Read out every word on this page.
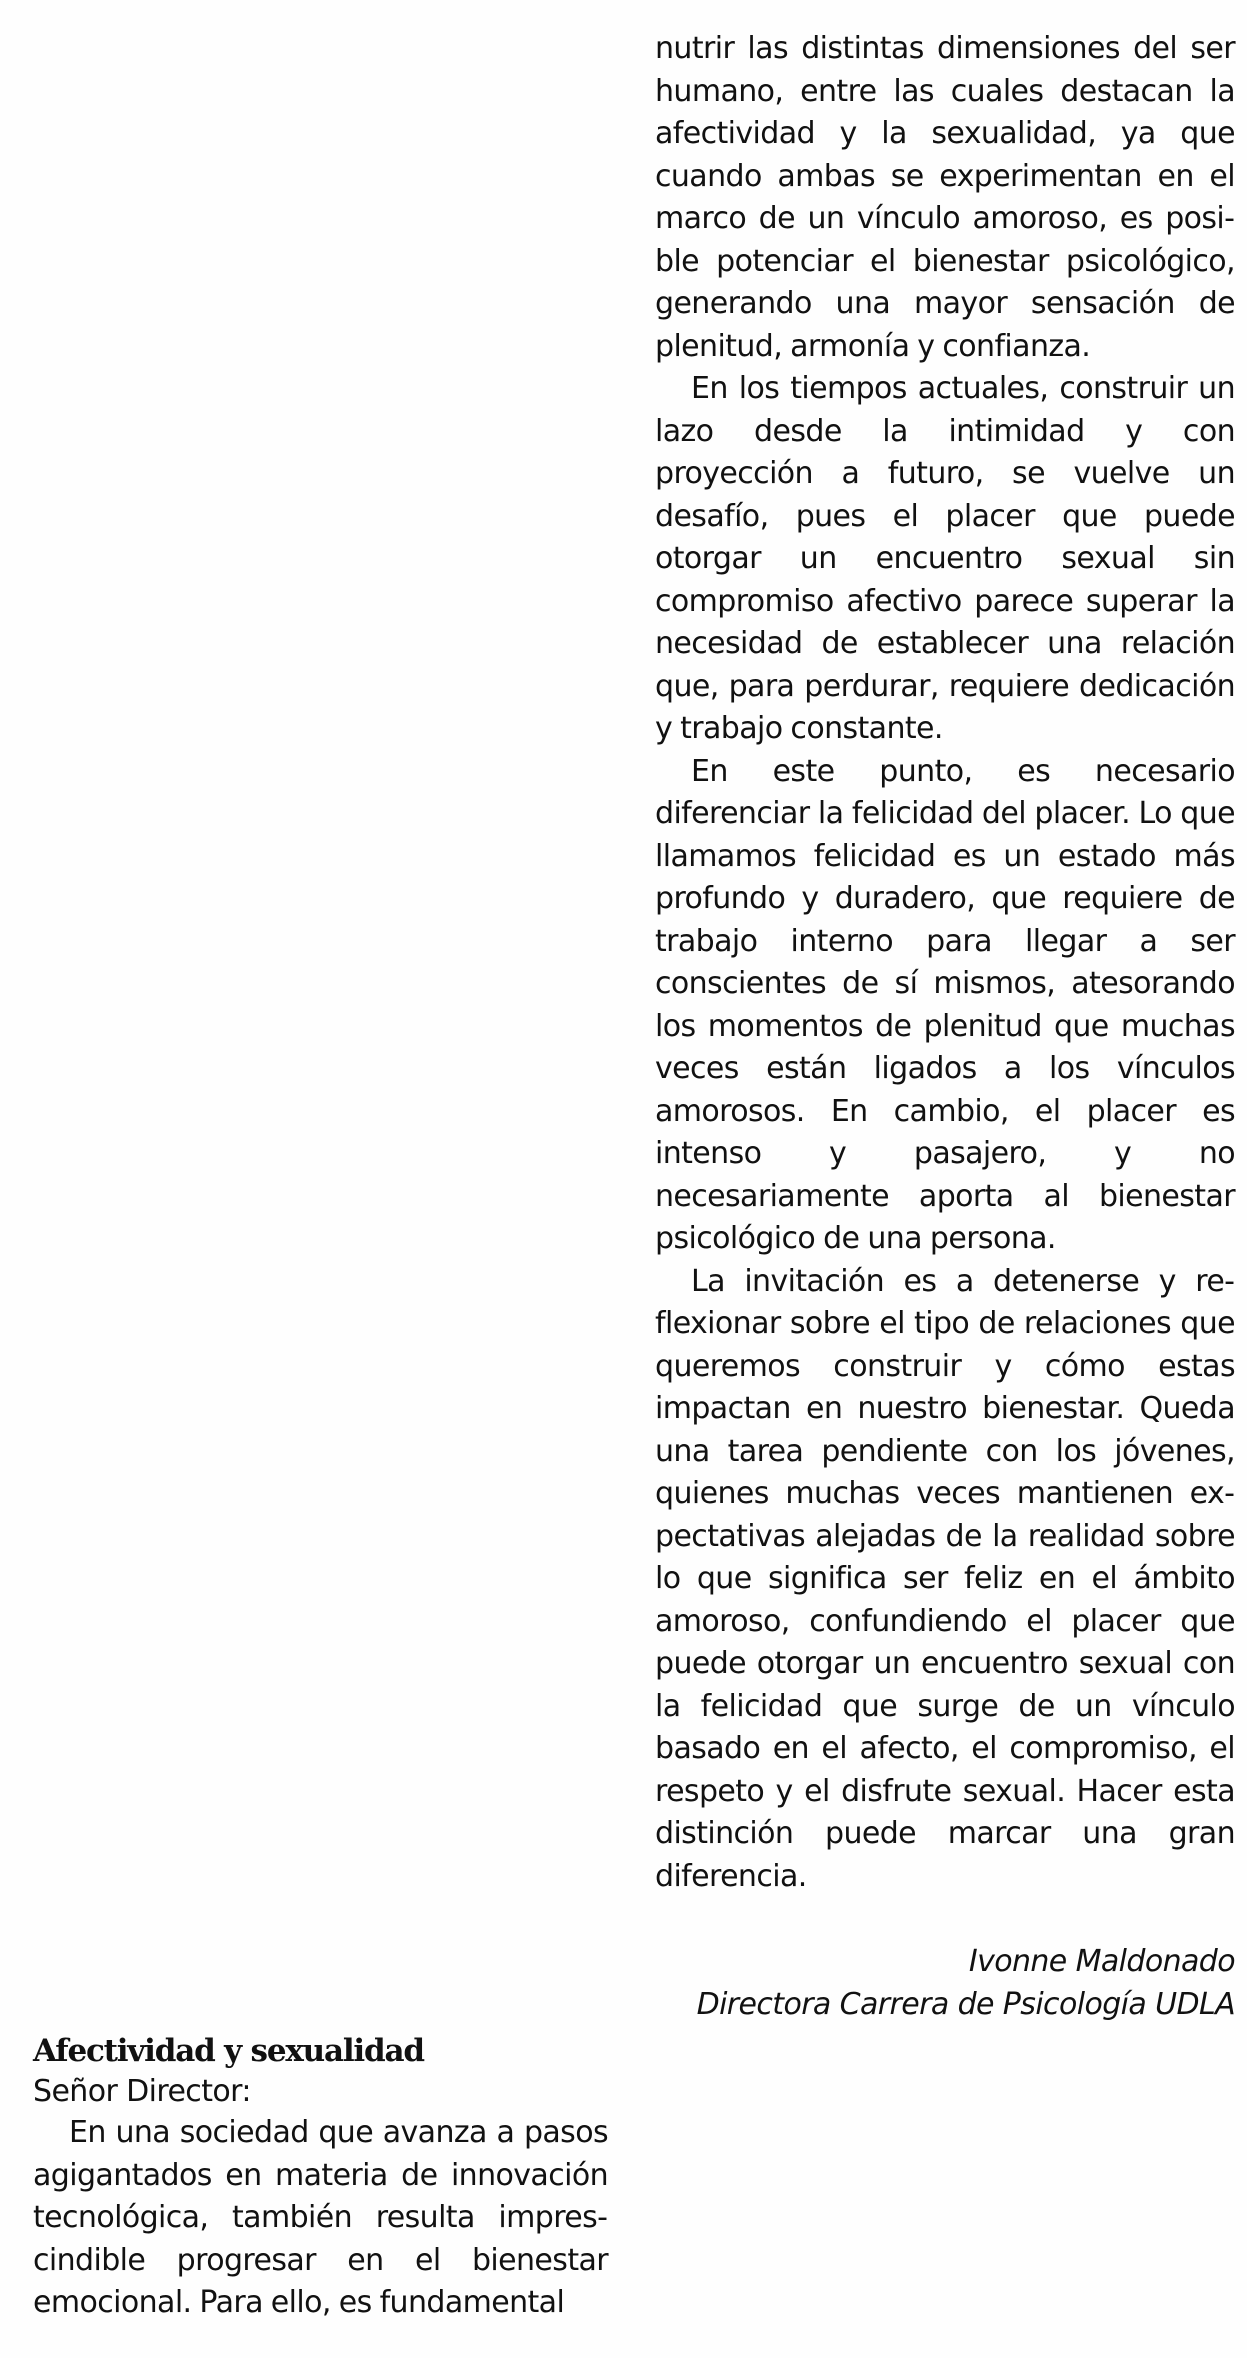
nutrir las distintas dimensiones del ser humano, entre las cuales destacan la afectividad y la sexualidad, ya que cuando ambas se experimentan en el marco de un vínculo amoroso, es posible potenciar el bienestar psicológico, generando una mayor sensación de plenitud, armonía y confianza.

En los tiempos actuales, construir un lazo desde la intimidad y con proyección a futuro, se vuelve un desafío, pues el placer que puede otorgar un encuentro sexual sin compromiso afectivo parece superar la necesidad de establecer una relación que, para perdurar, requiere dedicación y trabajo constante.

En este punto, es necesario diferenciar la felicidad del placer. Lo que llamamos felicidad es un estado más profundo y duradero, que requiere de trabajo interno para llegar a ser conscientes de sí mismos, atesorando los momentos de plenitud que muchas veces están ligados a los vínculos amorosos. En cambio, el placer es intenso y pasajero, y no necesariamente aporta al bienestar psicológico de una persona.

La invitación es a detenerse y reflexionar sobre el tipo de relaciones que queremos construir y cómo estas impactan en nuestro bienestar. Queda una tarea pendiente con los jóvenes, quienes muchas veces mantienen expectativas alejadas de la realidad sobre lo que significa ser feliz en el ámbito amoroso, confundiendo el placer que puede otorgar un encuentro sexual con la felicidad que surge de un vínculo basado en el afecto, el compromiso, el respeto y el disfrute sexual. Hacer esta distinción puede marcar una gran diferencia.

Ivonne Maldonado
Directora Carrera de Psicología UDLA
Afectividad y sexualidad
Señor Director:

En una sociedad que avanza a pasos agigantados en materia de innovación tecnológica, también resulta imprescindible progresar en el bienestar emocional. Para ello, es fundamental
